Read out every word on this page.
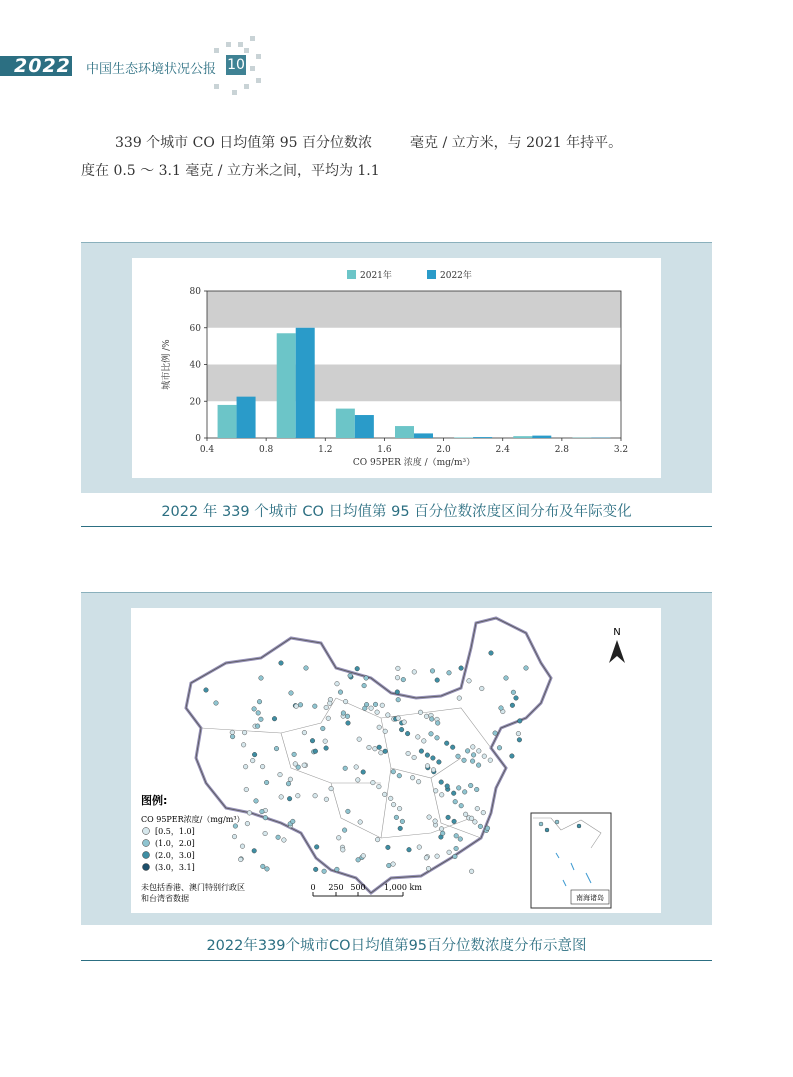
2022 中国生态环境状况公报 10
339 个城市 CO 日均值第 95 百分位数浓	毫克 / 立方米，与 2021 年持平。
度在 0.5 ～ 3.1 毫克 / 立方米之间，平均为 1.1
0
20
40
60
80
0.4	0.8	1.2	1.6	2.0	2.4	2.8	3.2
CO 95PER 浓度 /（mg/m³）
城市比例 /%
2021年	2022年
2022 年 339 个城市 CO 日均值第 95 百分位数浓度区间分布及年际变化
N
图例:
CO 95PER浓度/（mg/m³）
[0.5，1.0]
(1.0，2.0]
(2.0，3.0]
(3.0，3.1]
未包括香港、澳门特别行政区
和台湾省数据
0 250 500 1,000 km
南海诸岛
2022年339个城市CO日均值第95百分位数浓度分布示意图
